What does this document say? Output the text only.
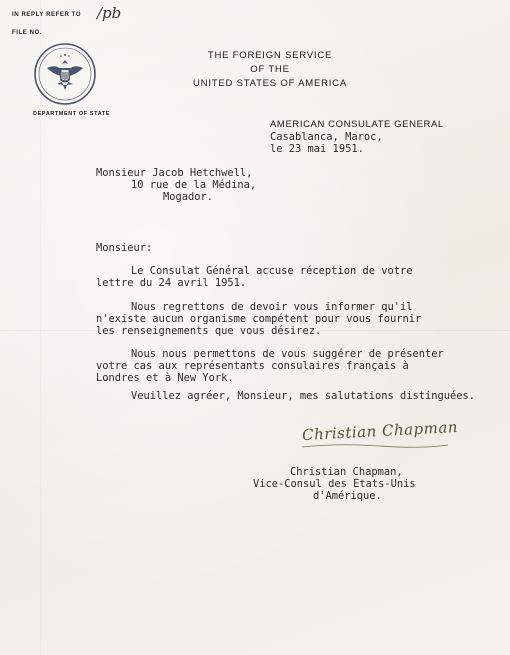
IN REPLY REFER TO /pb
FILE NO.
DEPARTMENT OF STATE
THE FOREIGN SERVICE
OF THE
UNITED STATES OF AMERICA
AMERICAN CONSULATE GENERAL
Casablanca, Maroc,
le 23 mai 1951.
Monsieur Jacob Hetchwell,
10 rue de la Médina,
Mogador.
Monsieur:
Le Consulat Général accuse réception de votre
lettre du 24 avril 1951.
Nous regrettons de devoir vous informer qu'il
n'existe aucun organisme compétent pour vous fournir
les renseignements que vous désirez.
Nous nous permettons de vous suggérer de présenter
votre cas aux représentants consulaires français à
Londres et à New York.
Veuillez agréer, Monsieur, mes salutations distinguées.
Christian Chapman
Christian Chapman,
Vice-Consul des Etats-Unis
d'Amérique.
